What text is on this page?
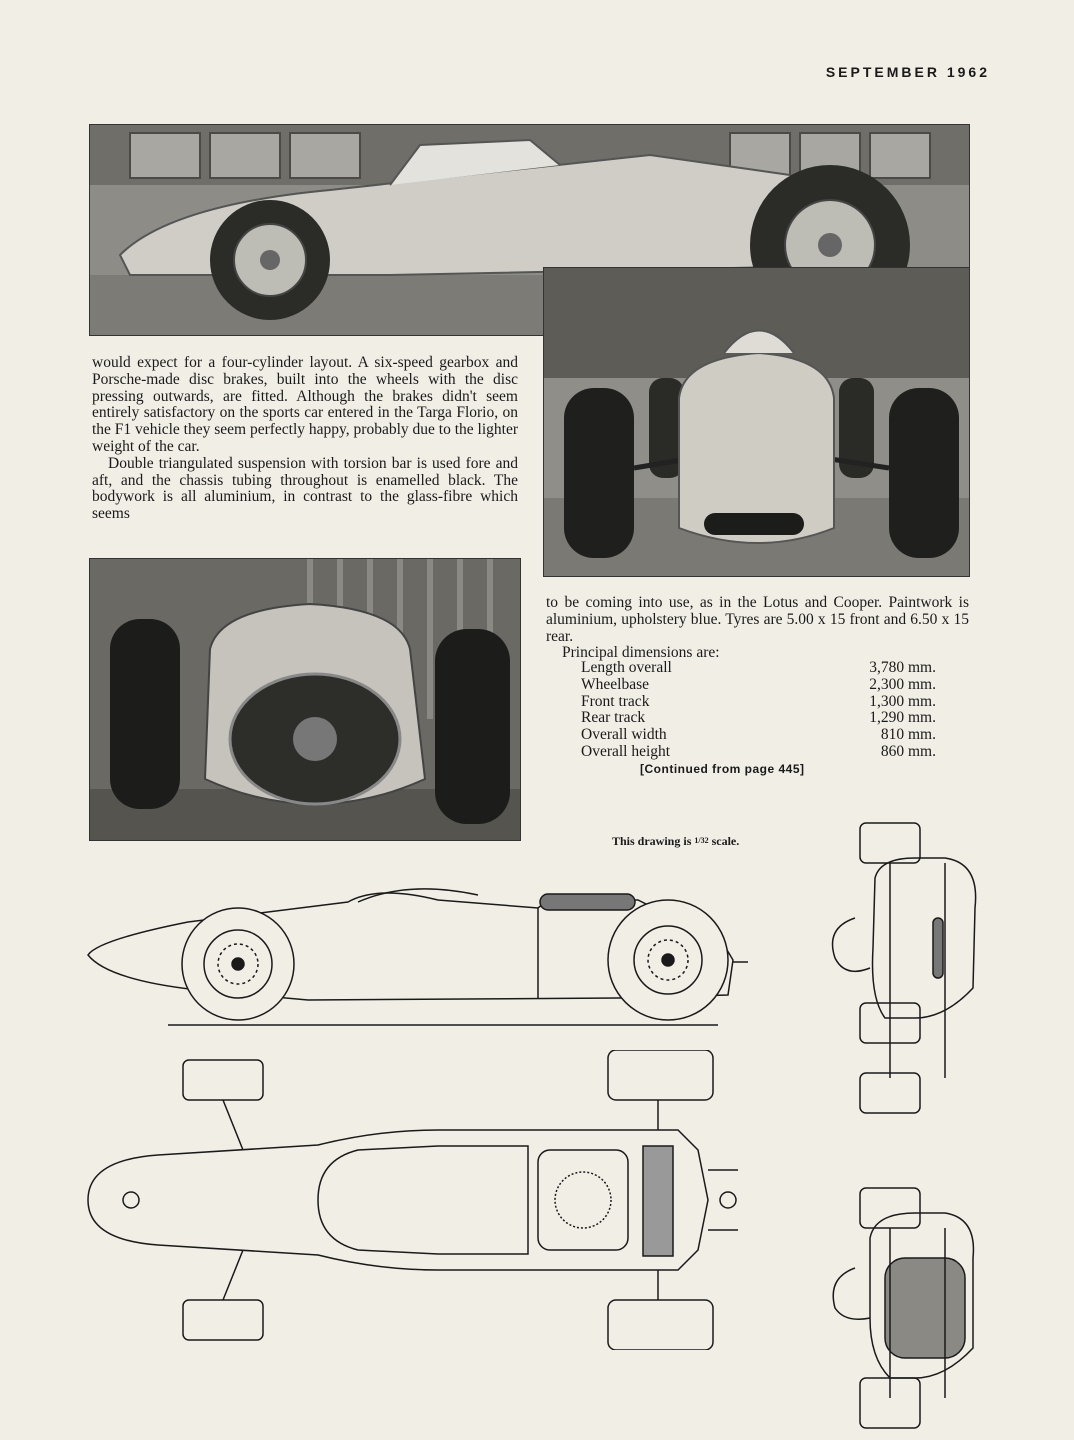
SEPTEMBER 1962

would expect for a four-cylinder layout. A six-speed gearbox and Porsche-made disc brakes, built into the wheels with the disc pressing outwards, are fitted. Although the brakes didn't seem entirely satisfactory on the sports car entered in the Targa Florio, on the F1 vehicle they seem perfectly happy, probably due to the lighter weight of the car.

Double triangulated suspension with torsion bar is used fore and aft, and the chassis tubing throughout is enamelled black. The bodywork is all aluminium, in contrast to the glass-fibre which seems

to be coming into use, as in the Lotus and Cooper. Paintwork is aluminium, upholstery blue. Tyres are 5.00 x 15 front and 6.50 x 15 rear.

Principal dimensions are:

Length overall	3,780 mm.
Wheelbase	2,300 mm.
Front track	1,300 mm.
Rear track	1,290 mm.
Overall width	810 mm.
Overall height	860 mm.
[Continued from page 445]
This drawing is 1/32 scale.
